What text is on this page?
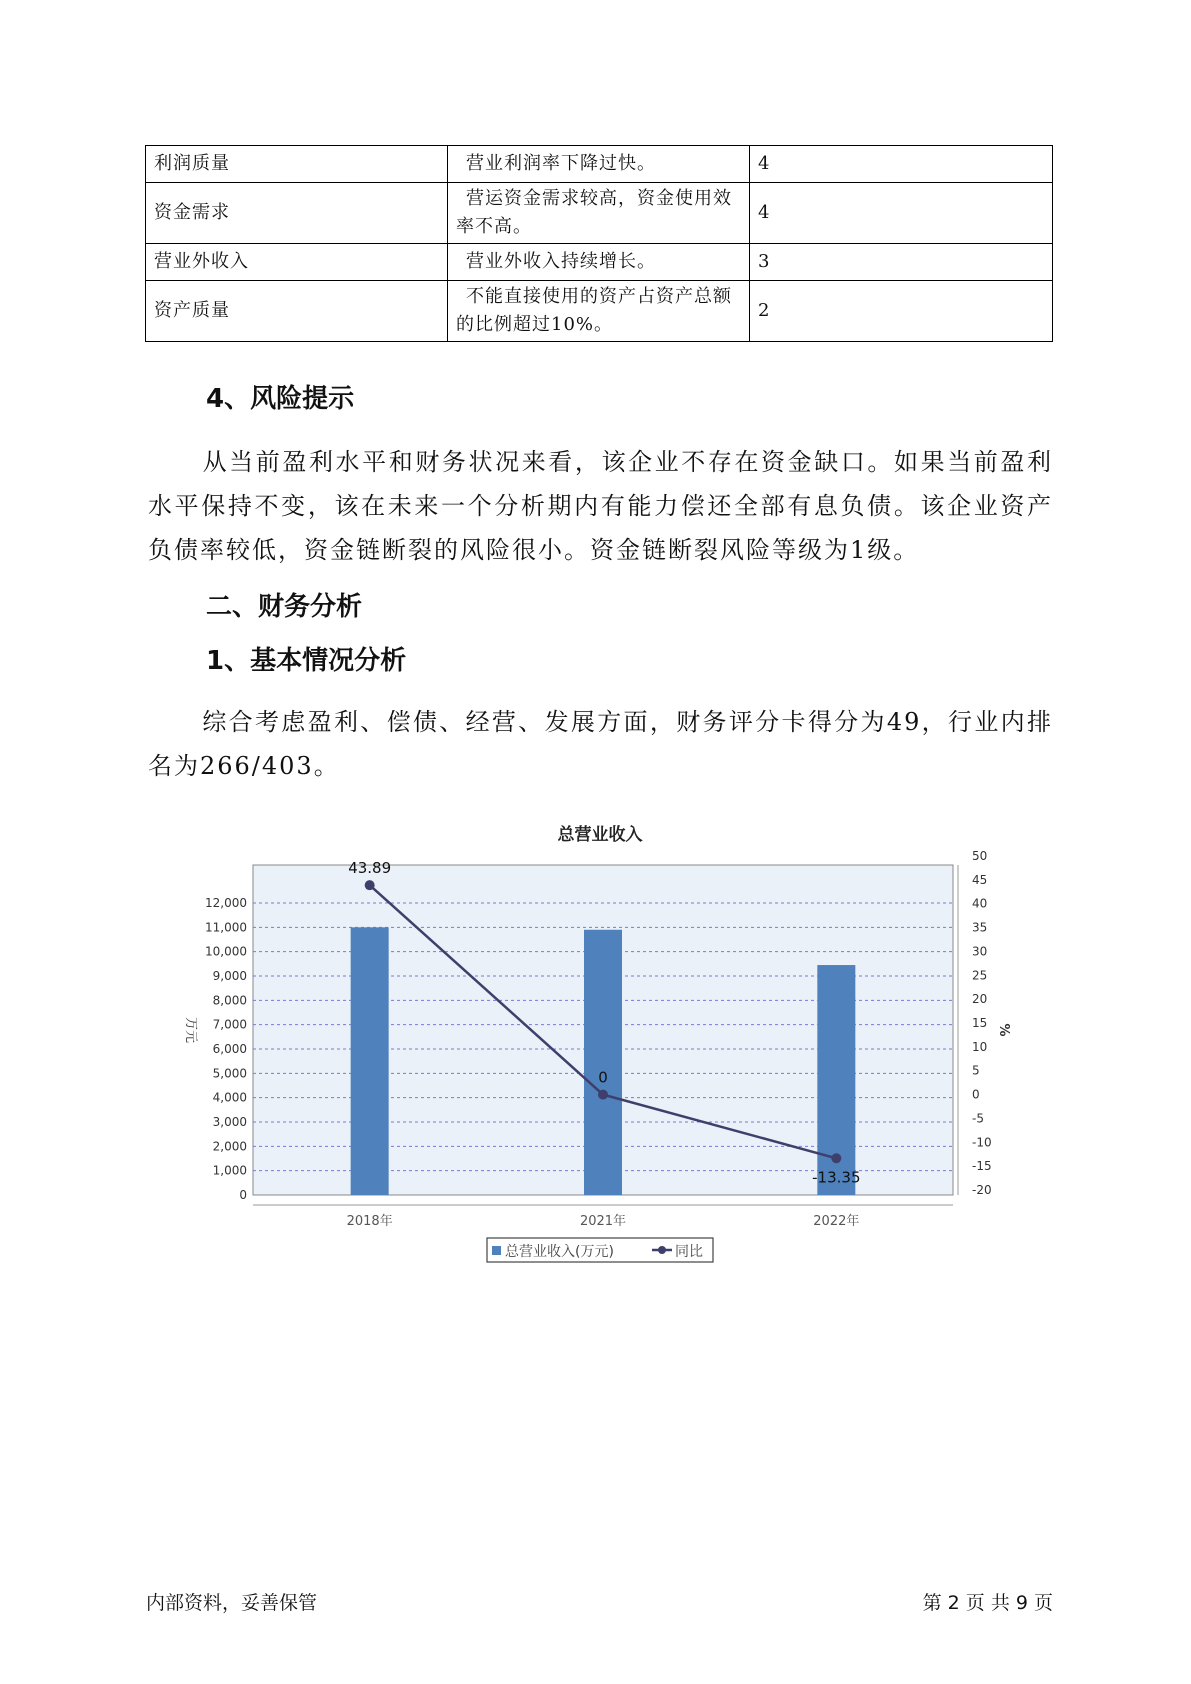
利润质量	营业利润率下降过快。	4
资金需求	营运资金需求较高，资金使用效率不高。	4
营业外收入	营业外收入持续增长。	3
资产质量	不能直接使用的资产占资产总额的比例超过10%。	2
4、风险提示
从当前盈利水平和财务状况来看，该企业不存在资金缺口。如果当前盈利水平保持不变，该在未来一个分析期内有能力偿还全部有息负债。该企业资产负债率较低，资金链断裂的风险很小。资金链断裂风险等级为1级。
二、财务分析
1、基本情况分析
综合考虑盈利、偿债、经营、发展方面，财务评分卡得分为49，行业内排名为266/403。
总营业收入
0
1,000
2,000
3,000
4,000
5,000
6,000
7,000
8,000
9,000
10,000
11,000
12,000
-20
-15
-10
-5
0
5
10
15
20
25
30
35
40
45
50
43.89
0
-13.35
2018年	2021年	2022年
万元	%
总营业收入(万元)	同比
内部资料，妥善保管	第 2 页 共 9 页
